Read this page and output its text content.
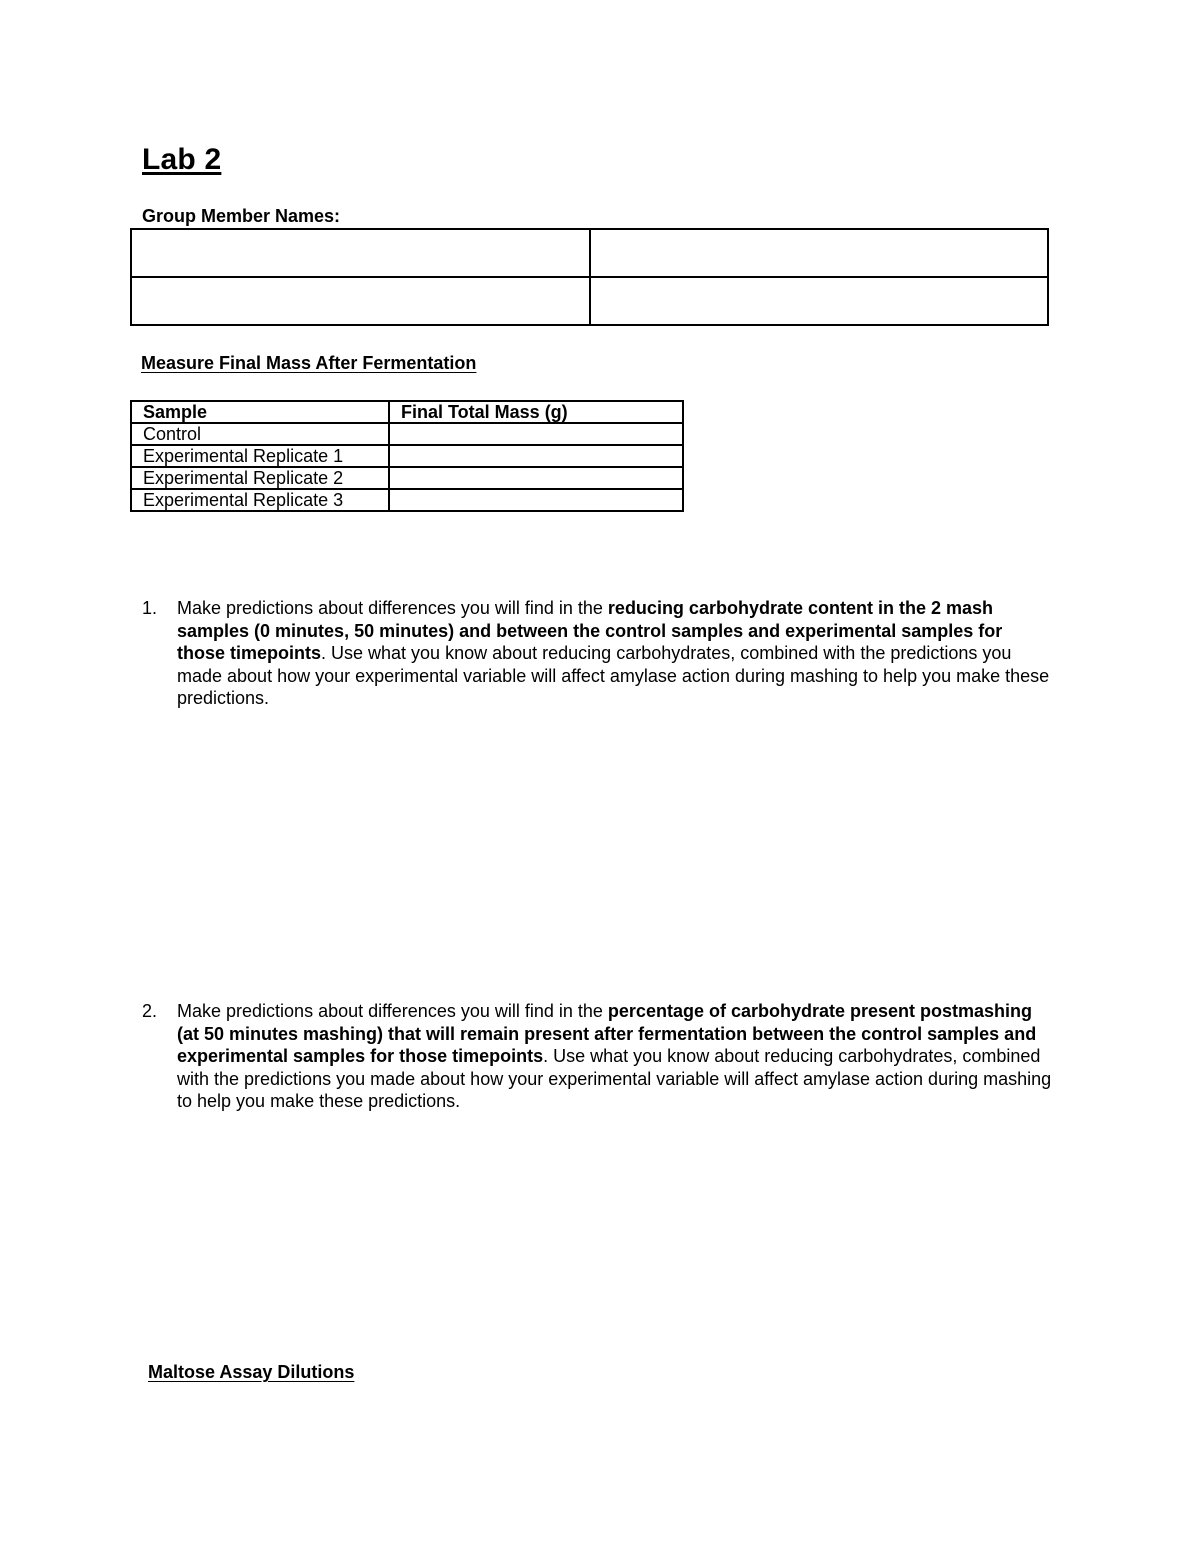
Lab 2
Group Member Names:

Measure Final Mass After Fermentation
Sample	Final Total Mass (g)
Control	
Experimental Replicate 1	
Experimental Replicate 2	
Experimental Replicate 3	
1.	Make predictions about differences you will find in the reducing carbohydrate content in the 2 mash samples (0 minutes, 50 minutes) and between the control samples and experimental samples for those timepoints. Use what you know about reducing carbohydrates, combined with the predictions you made about how your experimental variable will affect amylase action during mashing to help you make these predictions.
2.	Make predictions about differences you will find in the percentage of carbohydrate present postmashing (at 50 minutes mashing) that will remain present after fermentation between the control samples and experimental samples for those timepoints. Use what you know about reducing carbohydrates, combined with the predictions you made about how your experimental variable will affect amylase action during mashing to help you make these predictions.
Maltose Assay Dilutions
